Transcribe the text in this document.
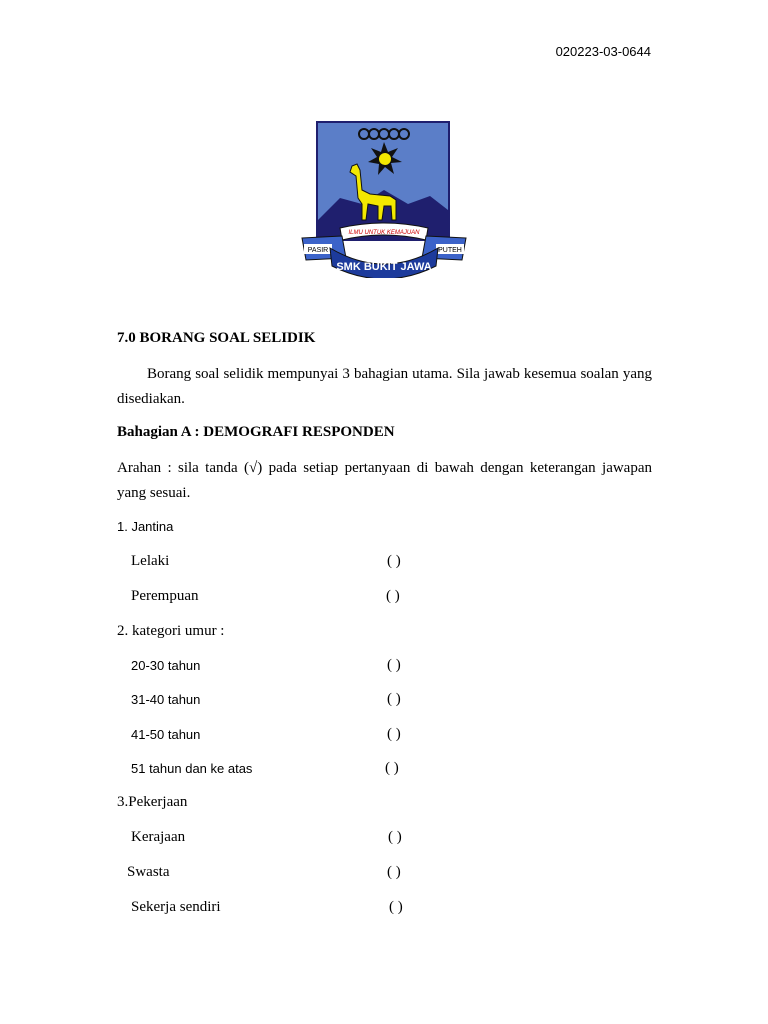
020223-03-0644
ILMU UNTUK KEMAJUAN
PASIR	PUTEH
SMK BUKIT JAWA
7.0 BORANG SOAL SELIDIK
Borang soal selidik mempunyai 3 bahagian utama. Sila jawab kesemua soalan yang disediakan.
Bahagian A : DEMOGRAFI RESPONDEN
Arahan : sila tanda (√) pada setiap pertanyaan di bawah dengan keterangan jawapan yang sesuai.
1. Jantina
Lelaki	( )
Perempuan	( )
2. kategori umur :
20-30 tahun	( )
31-40 tahun	( )
41-50 tahun	( )
51 tahun dan ke atas	( )
3.Pekerjaan
Kerajaan	( )
Swasta	( )
Sekerja sendiri	( )
